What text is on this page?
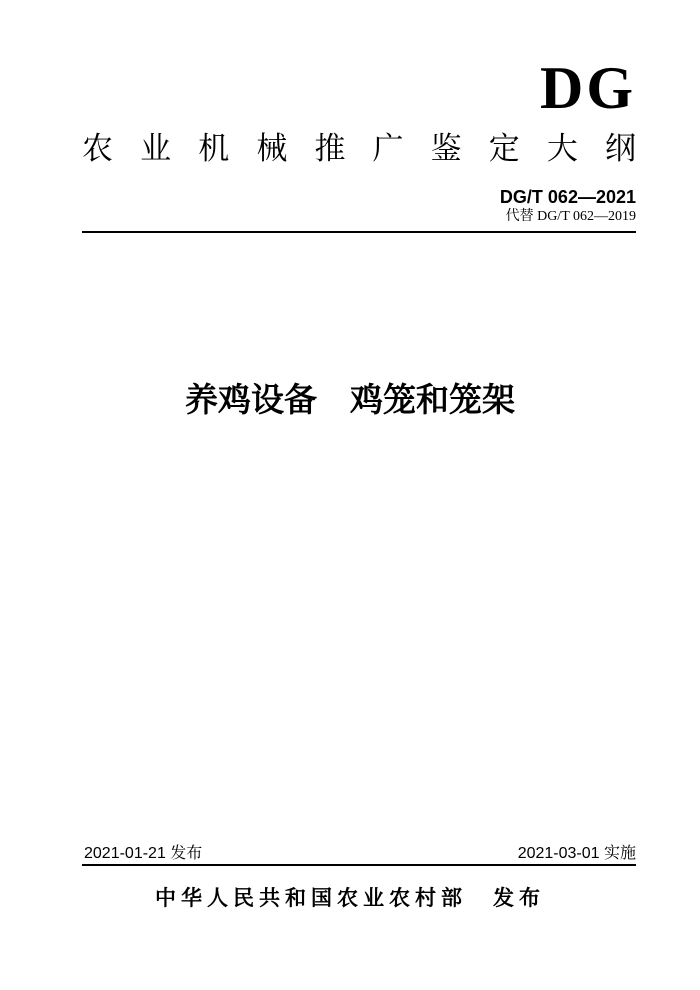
DG
农 业 机 械 推 广 鉴 定 大 纲
DG/T 062—2021
代替 DG/T 062—2019
养鸡设备　鸡笼和笼架
2021-01-21 发布	2021-03-01 实施
中华人民共和国农业农村部　发布
